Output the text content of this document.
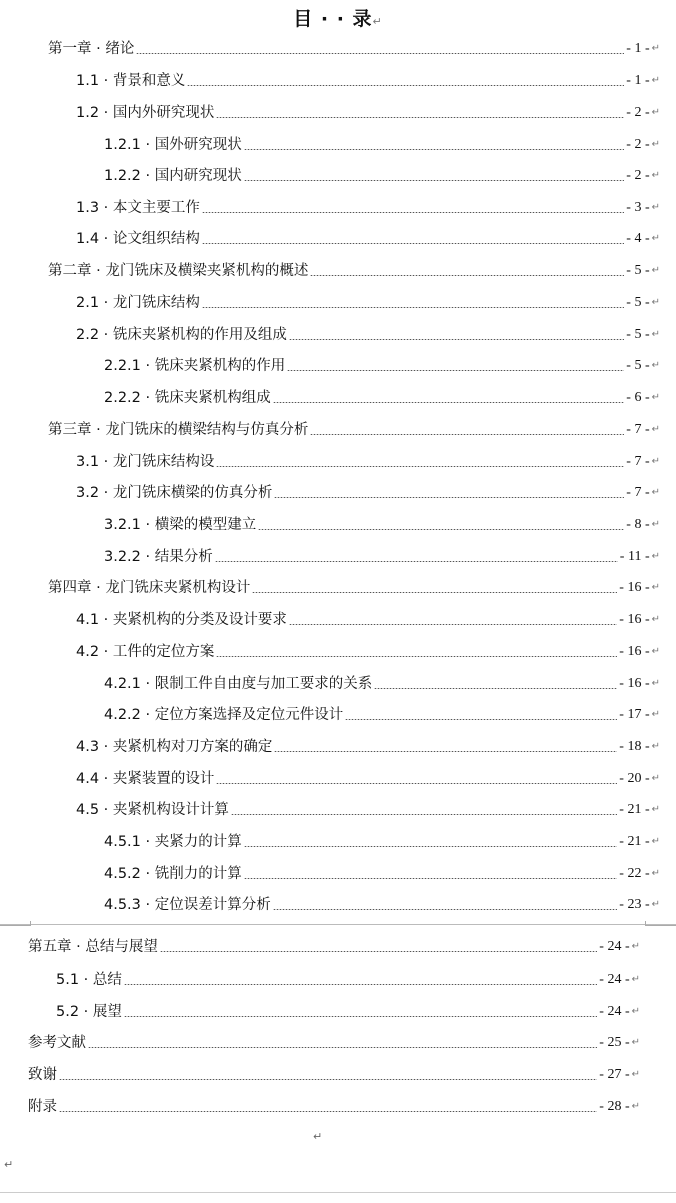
目 · · 录↵
第一章 · 绪论	- 1 - ↵
1.1 · 背景和意义	- 1 - ↵
1.2 · 国内外研究现状	- 2 - ↵
1.2.1 · 国外研究现状	- 2 - ↵
1.2.2 · 国内研究现状	- 2 - ↵
1.3 · 本文主要工作	- 3 - ↵
1.4 · 论文组织结构	- 4 - ↵
第二章 · 龙门铣床及横梁夹紧机构的概述	- 5 - ↵
2.1 · 龙门铣床结构	- 5 - ↵
2.2 · 铣床夹紧机构的作用及组成	- 5 - ↵
2.2.1 · 铣床夹紧机构的作用	- 5 - ↵
2.2.2 · 铣床夹紧机构组成	- 6 - ↵
第三章 · 龙门铣床的横梁结构与仿真分析	- 7 - ↵
3.1 · 龙门铣床结构设	- 7 - ↵
3.2 · 龙门铣床横梁的仿真分析	- 7 - ↵
3.2.1 · 横梁的模型建立	- 8 - ↵
3.2.2 · 结果分析	- 11 - ↵
第四章 · 龙门铣床夹紧机构设计	- 16 - ↵
4.1 · 夹紧机构的分类及设计要求	- 16 - ↵
4.2 · 工件的定位方案	- 16 - ↵
4.2.1 · 限制工件自由度与加工要求的关系	- 16 - ↵
4.2.2 · 定位方案选择及定位元件设计	- 17 - ↵
4.3 · 夹紧机构对刀方案的确定	- 18 - ↵
4.4 · 夹紧装置的设计	- 20 - ↵
4.5 · 夹紧机构设计计算	- 21 - ↵
4.5.1 · 夹紧力的计算	- 21 - ↵
4.5.2 · 铣削力的计算	- 22 - ↵
4.5.3 · 定位误差计算分析	- 23 - ↵
第五章 · 总结与展望	- 24 - ↵
5.1 · 总结	- 24 - ↵
5.2 · 展望	- 24 - ↵
参考文献	- 25 - ↵
致谢	- 27 - ↵
附录	- 28 - ↵
↵
↵
